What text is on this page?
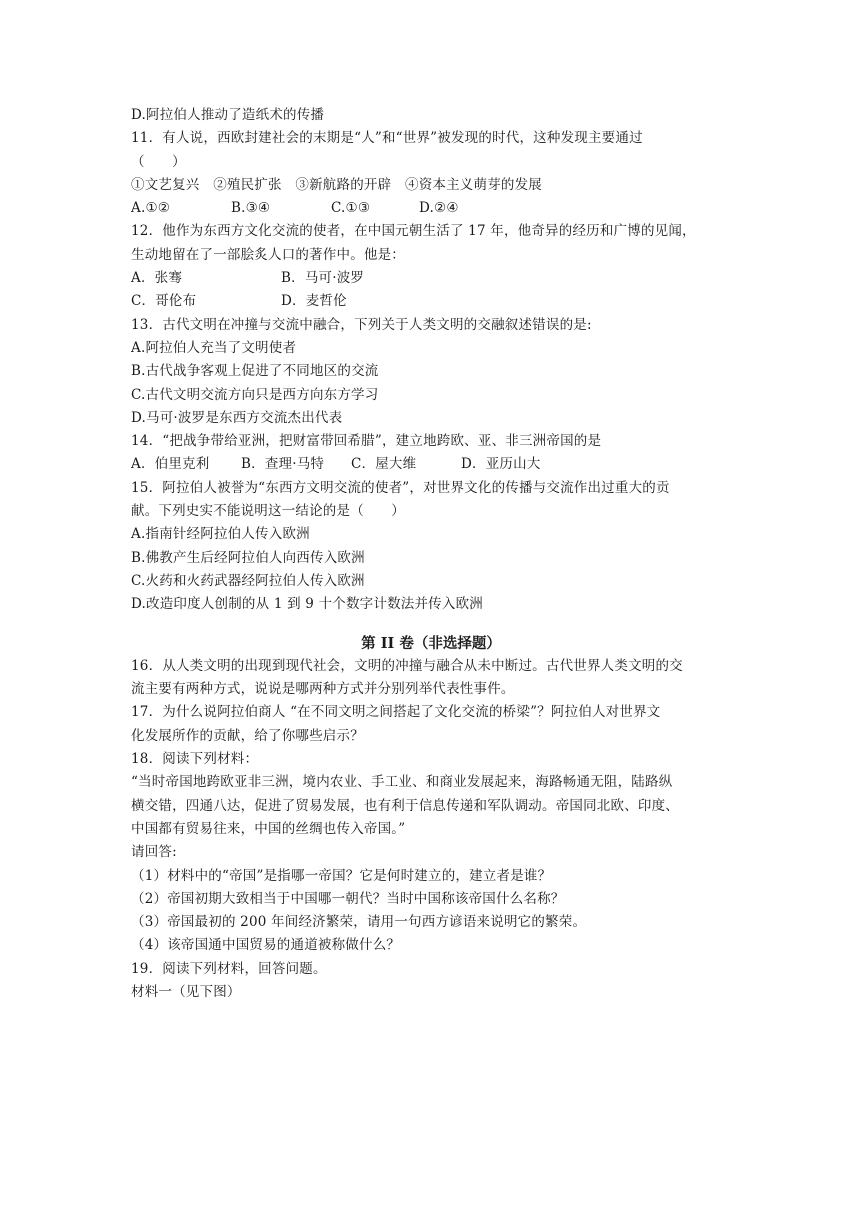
D.阿拉伯人推动了造纸术的传播
11．有人说，西欧封建社会的末期是“人”和“世界”被发现的时代，这种发现主要通过
（　　）
①文艺复兴　②殖民扩张　③新航路的开辟　④资本主义萌芽的发展
A.①②	B.③④	C.①③	D.②④
12．他作为东西方文化交流的使者，在中国元朝生活了 17 年，他奇异的经历和广博的见闻，
生动地留在了一部脍炙人口的著作中。他是：
A．张骞	B．马可·波罗
C．哥伦布	D．麦哲伦
13．古代文明在冲撞与交流中融合，下列关于人类文明的交融叙述错误的是:
A.阿拉伯人充当了文明使者
B.古代战争客观上促进了不同地区的交流
C.古代文明交流方向只是西方向东方学习
D.马可·波罗是东西方交流杰出代表
14．“把战争带给亚洲，把财富带回希腊”，建立地跨欧、亚、非三洲帝国的是
A．伯里克利 B．查理·马特 C．屋大维	D．亚历山大
15．阿拉伯人被誉为“东西方文明交流的使者”，对世界文化的传播与交流作出过重大的贡
献。下列史实不能说明这一结论的是（　　）
A.指南针经阿拉伯人传入欧洲
B.佛教产生后经阿拉伯人向西传入欧洲
C.火药和火药武器经阿拉伯人传入欧洲
D.改造印度人创制的从 1 到 9 十个数字计数法并传入欧洲
第 II 卷（非选择题）
16．从人类文明的出现到现代社会，文明的冲撞与融合从未中断过。古代世界人类文明的交
流主要有两种方式，说说是哪两种方式并分别列举代表性事件。
17．为什么说阿拉伯商人 “在不同文明之间搭起了文化交流的桥梁”？阿拉伯人对世界文
化发展所作的贡献，给了你哪些启示？
18．阅读下列材料：
“当时帝国地跨欧亚非三洲，境内农业、手工业、和商业发展起来，海路畅通无阻，陆路纵
横交错，四通八达，促进了贸易发展，也有利于信息传递和军队调动。帝国同北欧、印度、
中国都有贸易往来，中国的丝绸也传入帝国。”
请回答:
（1）材料中的“帝国”是指哪一帝国？它是何时建立的，建立者是谁？
（2）帝国初期大致相当于中国哪一朝代？当时中国称该帝国什么名称？
（3）帝国最初的 200 年间经济繁荣，请用一句西方谚语来说明它的繁荣。
（4）该帝国通中国贸易的通道被称做什么？
19．阅读下列材料，回答问题。
材料一（见下图）
